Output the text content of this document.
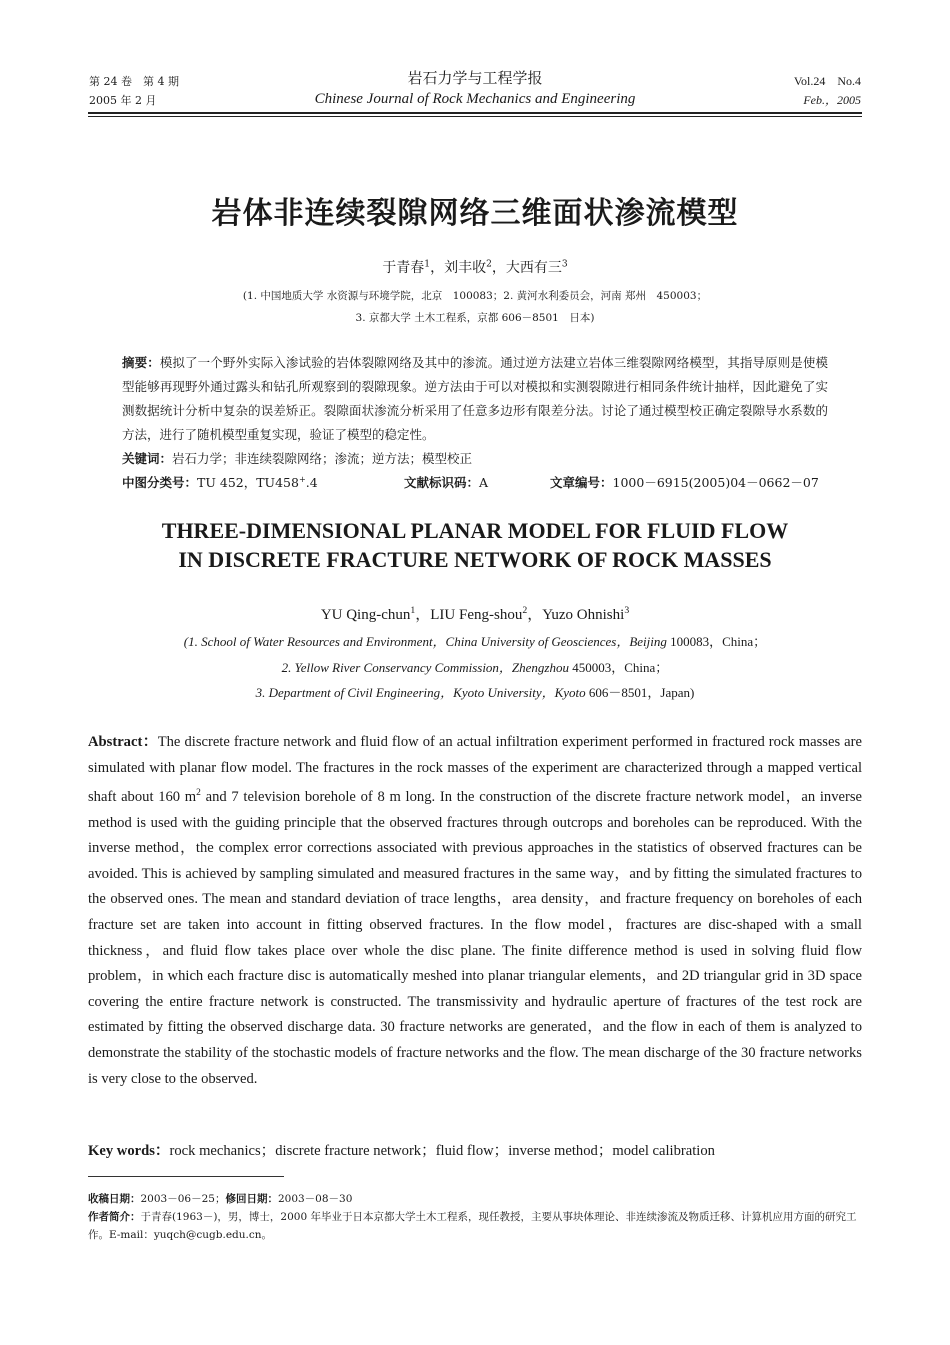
第 24 卷　第 4 期
2005 年 2 月
岩石力学与工程学报
Chinese Journal of Rock Mechanics and Engineering
Vol.24　No.4
Feb.，2005
岩体非连续裂隙网络三维面状渗流模型
于青春$^1$，刘丰收$^2$，大西有三$^3$
(1. 中国地质大学 水资源与环境学院，北京　100083；2. 黄河水利委员会，河南 郑州　450003；
3. 京都大学 土木工程系，京都 606－8501　日本)
摘要：模拟了一个野外实际入渗试验的岩体裂隙网络及其中的渗流。通过逆方法建立岩体三维裂隙网络模型，其指导原则是使模型能够再现野外通过露头和钻孔所观察到的裂隙现象。逆方法由于可以对模拟和实测裂隙进行相同条件统计抽样，因此避免了实测数据统计分析中复杂的误差矫正。裂隙面状渗流分析采用了任意多边形有限差分法。讨论了通过模型校正确定裂隙导水系数的方法，进行了随机模型重复实现，验证了模型的稳定性。
关键词：岩石力学；非连续裂隙网络；渗流；逆方法；模型校正
中图分类号：TU 452，TU458+.4	文献标识码：A	文章编号：1000－6915(2005)04－0662－07
THREE-DIMENSIONAL PLANAR MODEL FOR FLUID FLOW
IN DISCRETE FRACTURE NETWORK OF ROCK MASSES
YU Qing-chun$^1$，LIU Feng-shou$^2$，Yuzo Ohnishi$^3$
(1. School of Water Resources and Environment，China University of Geosciences，Beijing 100083，China；
2. Yellow River Conservancy Commission，Zhengzhou 450003，China；
3. Department of Civil Engineering，Kyoto University，Kyoto 606－8501，Japan)
Abstract：The discrete fracture network and fluid flow of an actual infiltration experiment performed in fractured rock masses are simulated with planar flow model. The fractures in the rock masses of the experiment are characterized through a mapped vertical shaft about 160 $m^2$ and 7 television borehole of 8 m long. In the construction of the discrete fracture network model，an inverse method is used with the guiding principle that the observed fractures through outcrops and boreholes can be reproduced. With the inverse method，the complex error corrections associated with previous approaches in the statistics of observed fractures can be avoided. This is achieved by sampling simulated and measured fractures in the same way，and by fitting the simulated fractures to the observed ones. The mean and standard deviation of trace lengths，area density，and fracture frequency on boreholes of each fracture set are taken into account in fitting observed fractures. In the flow model，fractures are disc-shaped with a small thickness，and fluid flow takes place over whole the disc plane. The finite difference method is used in solving fluid flow problem，in which each fracture disc is automatically meshed into planar triangular elements，and 2D triangular grid in 3D space covering the entire fracture network is constructed. The transmissivity and hydraulic aperture of fractures of the test rock are estimated by fitting the observed discharge data. 30 fracture networks are generated，and the flow in each of them is analyzed to demonstrate the stability of the stochastic models of fracture networks and the flow. The mean discharge of the 30 fracture networks is very close to the observed.
Key words：rock mechanics；discrete fracture network；fluid flow；inverse method；model calibration
收稿日期：2003－06－25；修回日期：2003－08－30
作者简介：于青春(1963－)，男，博士，2000 年毕业于日本京都大学土木工程系，现任教授，主要从事块体理论、非连续渗流及物质迁移、计算机应用方面的研究工作。E-mail：yuqch@cugb.edu.cn。
